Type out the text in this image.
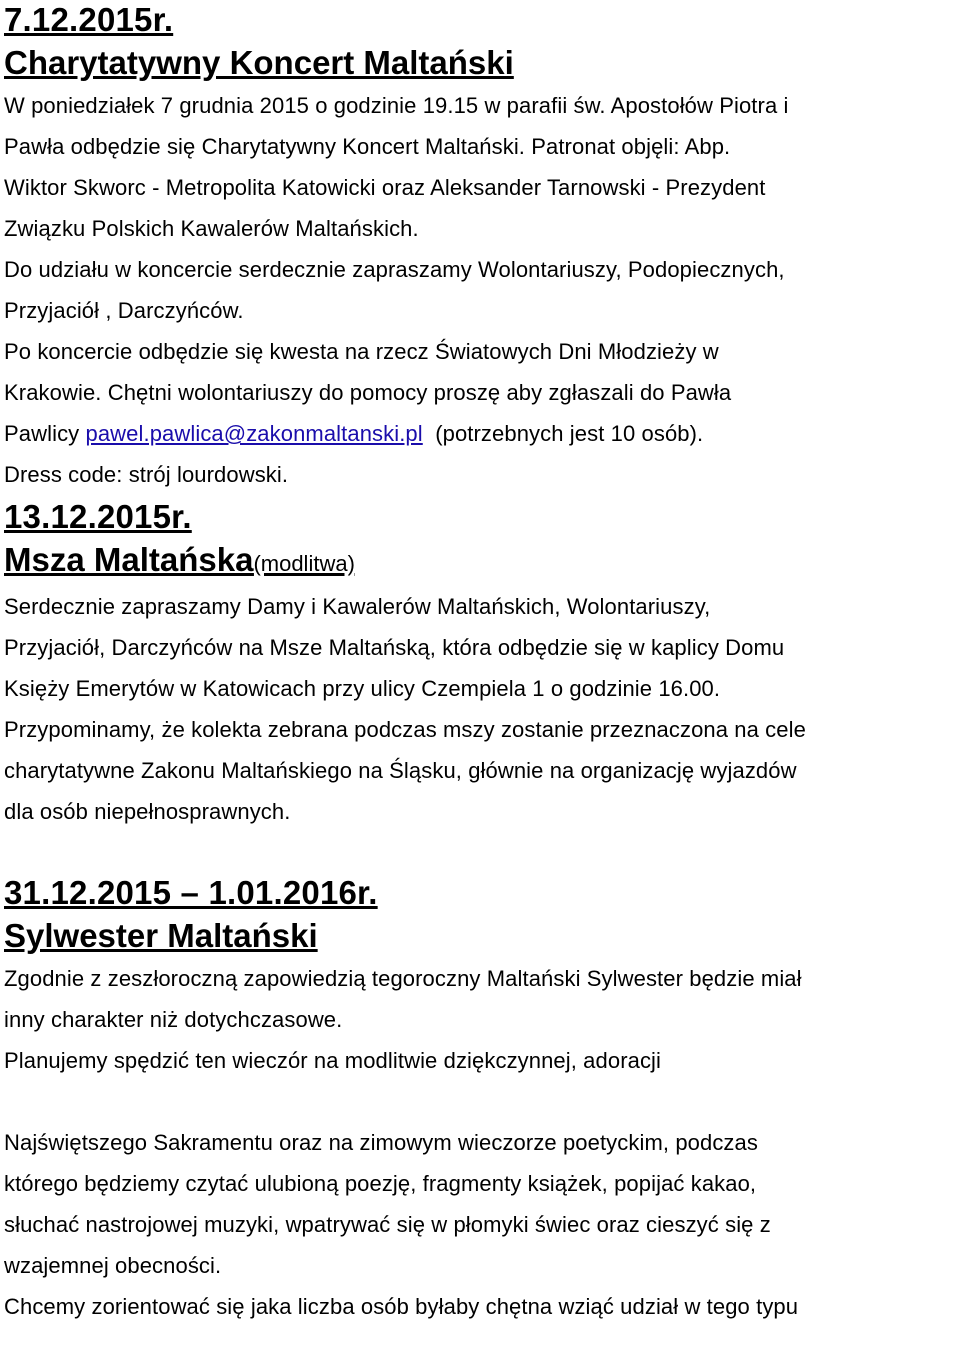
7.12.2015r.
Charytatywny Koncert Maltański

W poniedziałek 7 grudnia 2015 o godzinie 19.15 w parafii św. Apostołów Piotra i

Pawła odbędzie się Charytatywny Koncert Maltański. Patronat objęli: Abp.

Wiktor Skworc - Metropolita Katowicki oraz Aleksander Tarnowski - Prezydent

Związku Polskich Kawalerów Maltańskich.

Do udziału w koncercie serdecznie zapraszamy Wolontariuszy, Podopiecznych,

Przyjaciół , Darczyńców.

Po koncercie odbędzie się kwesta na rzecz Światowych Dni Młodzieży w

Krakowie. Chętni wolontariuszy do pomocy proszę aby zgłaszali do Pawła

Pawlicy pawel.pawlica@zakonmaltanski.pl  (potrzebnych jest 10 osób).

Dress code: strój lourdowski.

13.12.2015r.
Msza Maltańska(modlitwa)

Serdecznie zapraszamy Damy i Kawalerów Maltańskich, Wolontariuszy,

Przyjaciół, Darczyńców na Msze Maltańską, która odbędzie się w kaplicy Domu

Księży Emerytów w Katowicach przy ulicy Czempiela 1 o godzinie 16.00.

Przypominamy, że kolekta zebrana podczas mszy zostanie przeznaczona na cele

charytatywne Zakonu Maltańskiego na Śląsku, głównie na organizację wyjazdów

dla osób niepełnosprawnych.

31.12.2015 – 1.01.2016r.
Sylwester Maltański

Zgodnie z zeszłoroczną zapowiedzią tegoroczny Maltański Sylwester będzie miał

inny charakter niż dotychczasowe.

Planujemy spędzić ten wieczór na modlitwie dziękczynnej, adoracji

Najświętszego Sakramentu oraz na zimowym wieczorze poetyckim, podczas

którego będziemy czytać ulubioną poezję, fragmenty książek, popijać kakao,

słuchać nastrojowej muzyki, wpatrywać się w płomyki świec oraz cieszyć się z

wzajemnej obecności.

Chcemy zorientować się jaka liczba osób byłaby chętna wziąć udział w tego typu
